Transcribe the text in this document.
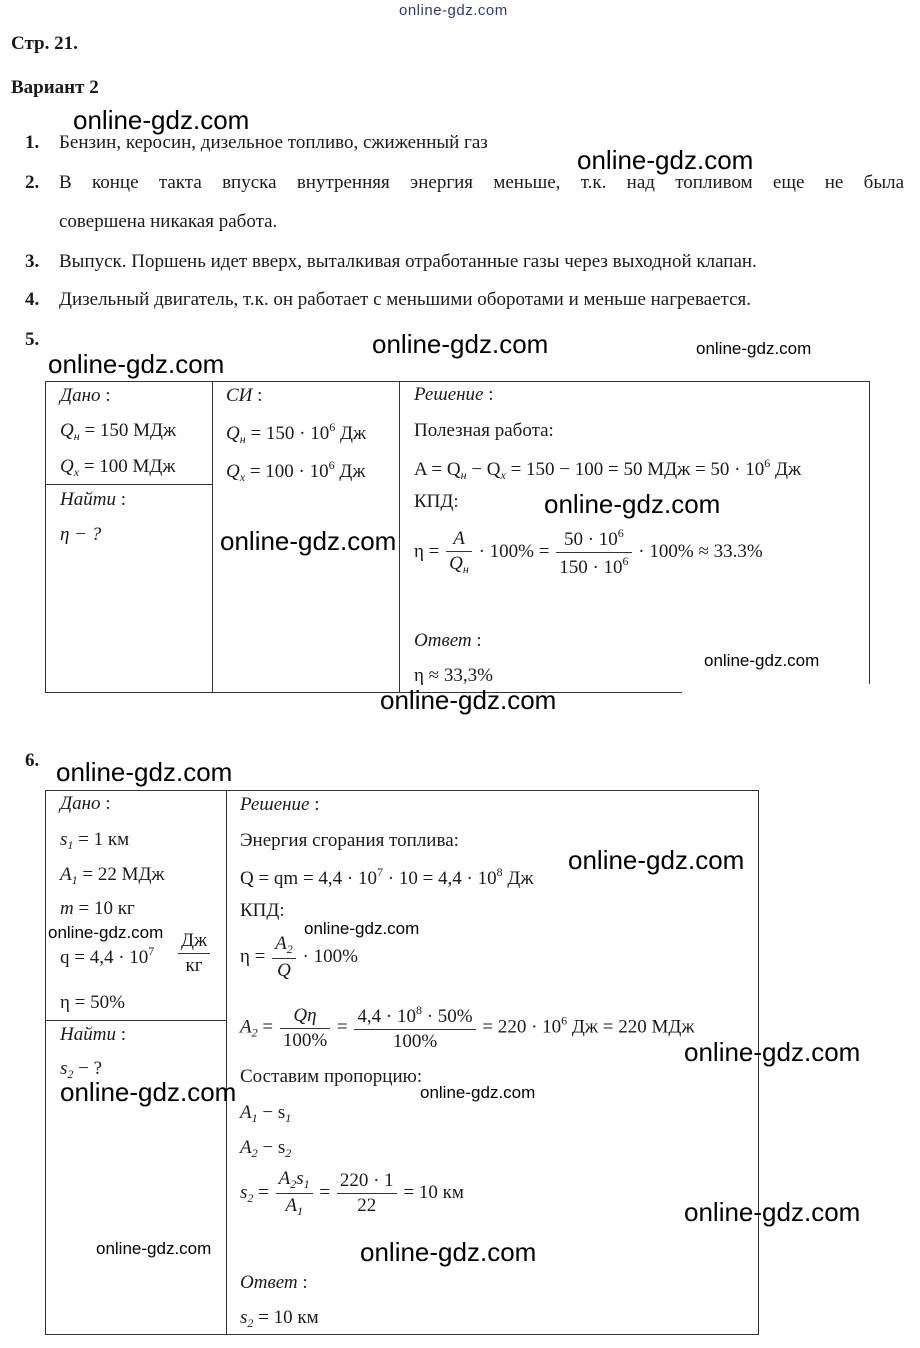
online-gdz.com
Стр. 21.
Вариант 2
1. Бензин, керосин, дизельное топливо, сжиженный газ
2. В конце такта впуска внутренняя энергия меньше, т.к. над топливом еще не была
совершена никакая работа.
3. Выпуск. Поршень идет вверх, выталкивая отработанные газы через выходной клапан.
4. Дизельный двигатель, т.к. он работает с меньшими оборотами и меньше нагревается.
5.
Дано :
$Q_н = 150$ МДж
$Q_х = 100$ МДж
Найти :
η − ?
СИ :
$Q_н = 150 \cdot 10^6$ Дж
$Q_х = 100 \cdot 10^6$ Дж
Решение :
Полезная работа:
$A = Q_н - Q_х = 150 - 100 = 50$ МДж = $50 \cdot 10^6$ Дж
КПД:
$\eta = \frac{A}{Q_н} \cdot 100\% = \frac{50 \cdot 10^6}{150 \cdot 10^6} \cdot 100\% \approx 33.3\%$
Ответ :
η ≈ 33,3%
6.
Дано :
$s_1 = 1$ км
$A_1 = 22$ МДж
m = 10 кг
$q = 4,4 \cdot 10^7 \frac{Дж}{кг}$
η = 50%
Найти :
$s_2$ − ?
Решение :
Энергия сгорания топлива:
Q = qm = $4,4 \cdot 10^7 \cdot 10 = 4,4 \cdot 10^8$ Дж
КПД:
$\eta = \frac{A_2}{Q} \cdot 100\%$
$A_2 = \frac{Q\eta}{100\%} = \frac{4,4 \cdot 10^8 \cdot 50\%}{100\%} = 220 \cdot 10^6$ Дж = 220 МДж
Составим пропорцию:
$A_1 - s_1$
$A_2 - s_2$
$s_2 = \frac{A_2s_1}{A_1} = \frac{220 \cdot 1}{22} = 10$ км
Ответ :
$s_2 = 10$ км
online-gdz.com
online-gdz.com
online-gdz.com
online-gdz.com	online-gdz.com
online-gdz.com
online-gdz.com
online-gdz.com
online-gdz.com
online-gdz.com
online-gdz.com
online-gdz.com
online-gdz.com
online-gdz.com
online-gdz.com	online-gdz.com
online-gdz.com
online-gdz.com	online-gdz.com
